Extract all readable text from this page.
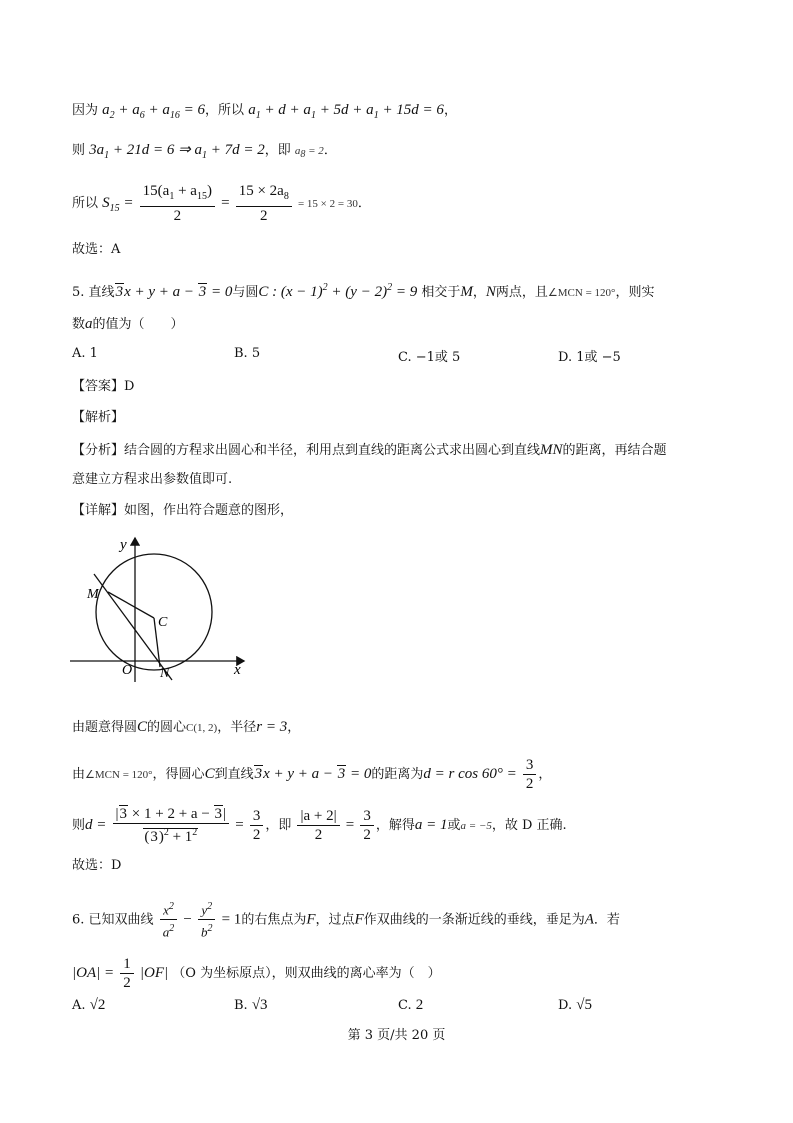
因为 $a_2 + a_6 + a_{16} = 6$，所以 $a_1 + d + a_1 + 5d + a_1 + 15d = 6$，
则 $3a_1 + 21d = 6$ ⇒ $a_1 + 7d = 2$，即 $a_8 = 2$．
所以 $S_{15} = \frac{15(a_1 + a_{15})}{2} = \frac{15 \times 2a_8}{2} = 15 \times 2 = 30$．
故选：A
5. 直线3x + y + a − 3 = 0与圆C : $(x - 1)^2 + (y - 2)^2 = 9$ 相交于M，N两点，且∠MCN = 120°，则实
数a的值为（　　）
A. 1	B. 5	C. −1或 5	D. 1或 −5
【答案】D
【解析】
【分析】结合圆的方程求出圆心和半径，利用点到直线的距离公式求出圆心到直线MN的距离，再结合题
意建立方程求出参数值即可.
【详解】如图，作出符合题意的图形，
y
x
M
C
O N
由题意得圆C的圆心C(1, 2)，半径r = 3，
由∠MCN = 120°，得圆心C到直线3x + y + a − 3 = 0的距离为d = r $\cos 60^\circ = \frac{3}{2}$ ，
则$d = \frac{|3 \times 1 + 2 + a - 3|}{(3)^2 + 1^2} = \frac{3}{2}$ ，即 $\frac{|a + 2|}{2} = \frac{3}{2}$ ，解得a = 1或a = −5，故 D 正确.
故选：D
6. 已知双曲线 $\frac{x^2}{a^2} - \frac{y^2}{b^2} = 1$的右焦点为F，过点F作双曲线的一条渐近线的垂线，垂足为A．若
$|OA| = \frac{1}{2} |OF|$ （O 为坐标原点），则双曲线的离心率为（　）
A. √2	B. √3	C. 2	D. √5
第 3 页/共 20 页
